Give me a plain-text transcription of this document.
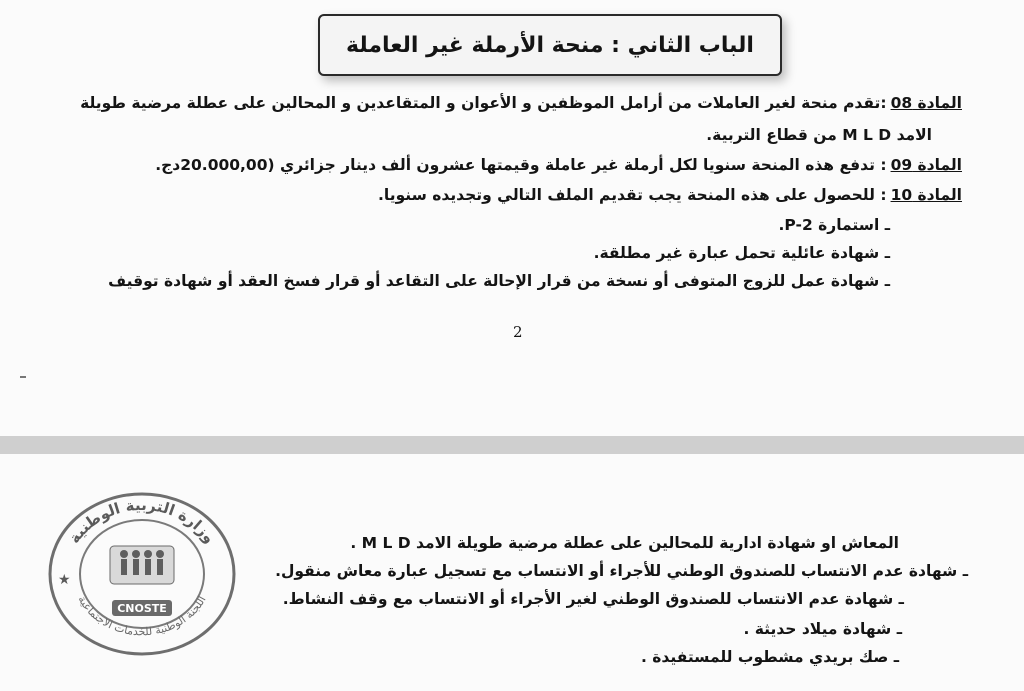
الباب الثاني : منحة الأرملة غير العاملة
المادة 08:تقدم منحة لغير العاملات من أرامل الموظفين و الأعوان و المتقاعدين و المحالين على عطلة مرضية طويلة
الامد M L D من قطاع التربية.
المادة 09: تدفع هذه المنحة سنويا لكل أرملة غير عاملة وقيمتها عشرون ألف دينار جزائري (20.000,00دج.
المادة 10: للحصول على هذه المنحة يجب تقديم الملف التالي وتجديده سنويا.
ـ استمارة P-2.
ـ شهادة عائلية تحمل عبارة غير مطلقة.
ـ شهادة عمل للزوج المتوفى أو نسخة من قرار الإحالة على التقاعد أو قرار فسخ العقد أو شهادة توقيف
2
المعاش او شهادة ادارية للمحالين على عطلة مرضية طويلة الامد M L D .
ـ شهادة عدم الانتساب للصندوق الوطني للأجراء أو الانتساب مع تسجيل عبارة معاش منقول.
ـ شهادة عدم الانتساب للصندوق الوطني لغير الأجراء أو الانتساب مع وقف النشاط.
ـ شهادة ميلاد حديثة .
ـ صك بريدي مشطوب للمستفيدة .
وزارة التربية الوطنية
اللجنة الوطنية للخدمات الاجتماعية
CNOSTE
★
